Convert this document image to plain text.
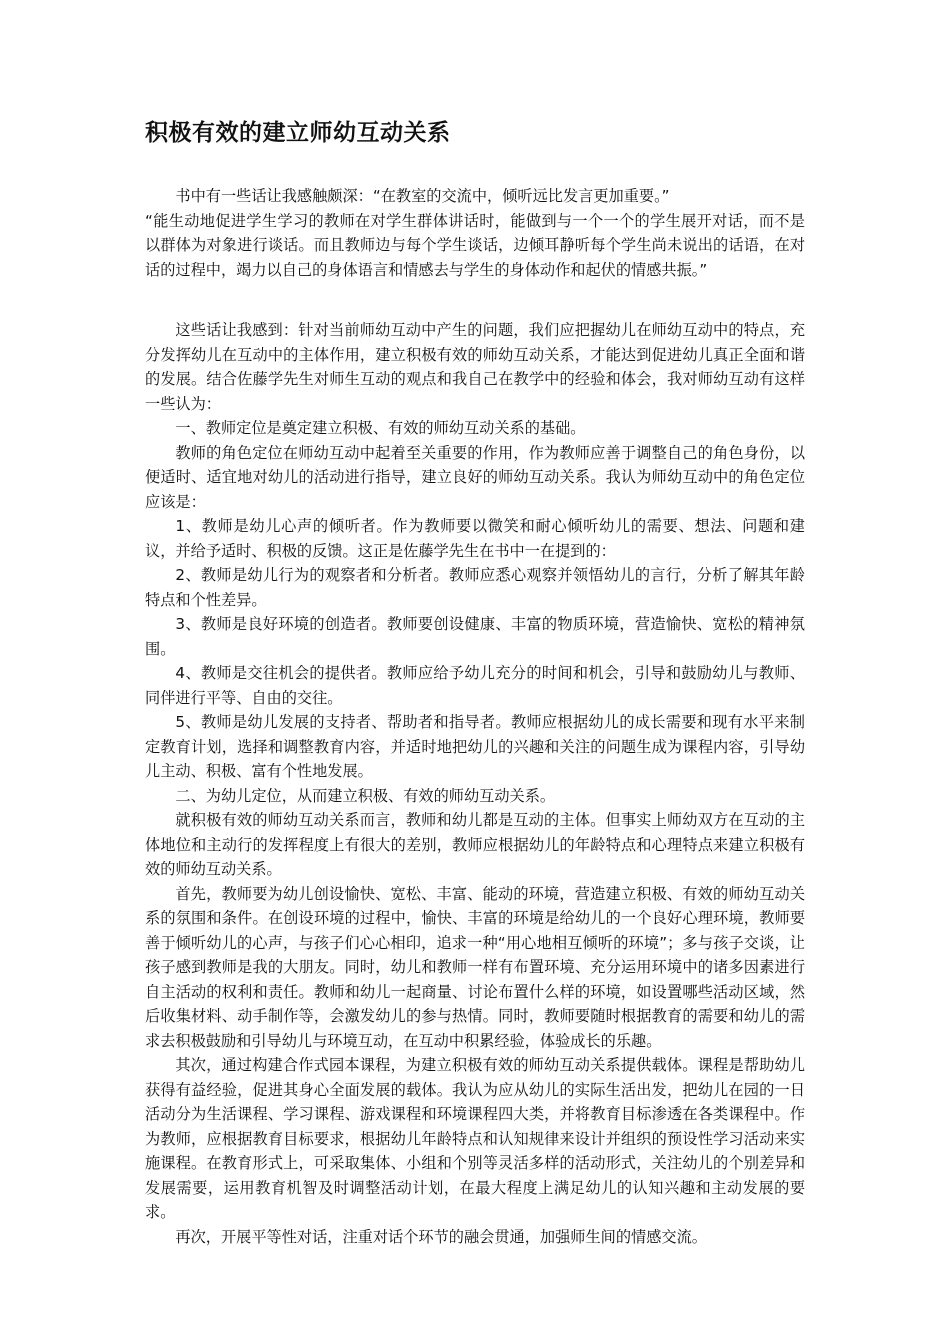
积极有效的建立师幼互动关系

书中有一些话让我感触颇深：“在教室的交流中，倾听远比发言更加重要。”

“能生动地促进学生学习的教师在对学生群体讲话时，能做到与一个一个的学生展开对话，而不是以群体为对象进行谈话。而且教师边与每个学生谈话，边倾耳静听每个学生尚未说出的话语，在对话的过程中，竭力以自己的身体语言和情感去与学生的身体动作和起伏的情感共振。”

这些话让我感到：针对当前师幼互动中产生的问题，我们应把握幼儿在师幼互动中的特点，充分发挥幼儿在互动中的主体作用，建立积极有效的师幼互动关系，才能达到促进幼儿真正全面和谐的发展。结合佐藤学先生对师生互动的观点和我自己在教学中的经验和体会，我对师幼互动有这样一些认为：

一、教师定位是奠定建立积极、有效的师幼互动关系的基础。

教师的角色定位在师幼互动中起着至关重要的作用，作为教师应善于调整自己的角色身份，以便适时、适宜地对幼儿的活动进行指导，建立良好的师幼互动关系。我认为师幼互动中的角色定位应该是：

1、教师是幼儿心声的倾听者。作为教师要以微笑和耐心倾听幼儿的需要、想法、问题和建议，并给予适时、积极的反馈。这正是佐藤学先生在书中一在提到的：

2、教师是幼儿行为的观察者和分析者。教师应悉心观察并领悟幼儿的言行，分析了解其年龄特点和个性差异。

3、教师是良好环境的创造者。教师要创设健康、丰富的物质环境，营造愉快、宽松的精神氛围。

4、教师是交往机会的提供者。教师应给予幼儿充分的时间和机会，引导和鼓励幼儿与教师、同伴进行平等、自由的交往。

5、教师是幼儿发展的支持者、帮助者和指导者。教师应根据幼儿的成长需要和现有水平来制定教育计划，选择和调整教育内容，并适时地把幼儿的兴趣和关注的问题生成为课程内容，引导幼儿主动、积极、富有个性地发展。

二、为幼儿定位，从而建立积极、有效的师幼互动关系。

就积极有效的师幼互动关系而言，教师和幼儿都是互动的主体。但事实上师幼双方在互动的主体地位和主动行的发挥程度上有很大的差别，教师应根据幼儿的年龄特点和心理特点来建立积极有效的师幼互动关系。

首先，教师要为幼儿创设愉快、宽松、丰富、能动的环境，营造建立积极、有效的师幼互动关系的氛围和条件。在创设环境的过程中，愉快、丰富的环境是给幼儿的一个良好心理环境，教师要善于倾听幼儿的心声，与孩子们心心相印，追求一种“用心地相互倾听的环境”；多与孩子交谈，让孩子感到教师是我的大朋友。同时，幼儿和教师一样有布置环境、充分运用环境中的诸多因素进行自主活动的权利和责任。教师和幼儿一起商量、讨论布置什么样的环境，如设置哪些活动区域，然后收集材料、动手制作等，会激发幼儿的参与热情。同时，教师要随时根据教育的需要和幼儿的需求去积极鼓励和引导幼儿与环境互动，在互动中积累经验，体验成长的乐趣。

其次，通过构建合作式园本课程，为建立积极有效的师幼互动关系提供载体。课程是帮助幼儿获得有益经验，促进其身心全面发展的载体。我认为应从幼儿的实际生活出发，把幼儿在园的一日活动分为生活课程、学习课程、游戏课程和环境课程四大类，并将教育目标渗透在各类课程中。作为教师，应根据教育目标要求，根据幼儿年龄特点和认知规律来设计并组织的预设性学习活动来实施课程。在教育形式上，可采取集体、小组和个别等灵活多样的活动形式，关注幼儿的个别差异和发展需要，运用教育机智及时调整活动计划，在最大程度上满足幼儿的认知兴趣和主动发展的要求。

再次，开展平等性对话，注重对话个环节的融会贯通，加强师生间的情感交流。
